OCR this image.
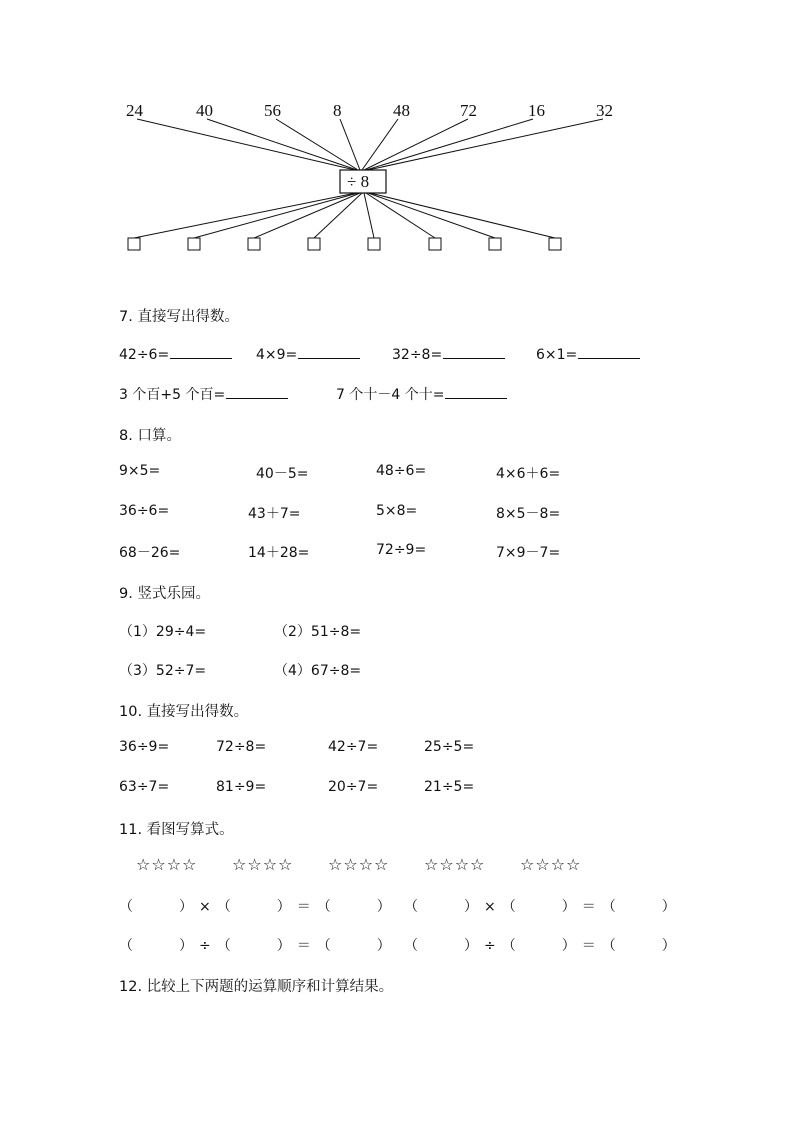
24	40	56	8	48	72	16	32
÷ 8
7. 直接写出得数。
42÷6=	4×9=	32÷8=	6×1=
3 个百+5 个百=	7 个十－4 个十=
8. 口算。
9×5=	40－5=	48÷6=	4×6＋6=
36÷6=	43＋7=	5×8=	8×5－8=
68－26=	14＋28=	72÷9=	7×9－7=
9. 竖式乐园。
（1）29÷4=	（2）51÷8=
（3）52÷7=	（4）67÷8=
10. 直接写出得数。
36÷9=	72÷8=	42÷7=	25÷5=
63÷7=	81÷9=	20÷7=	21÷5=
11. 看图写算式。
☆☆☆☆ ☆☆☆☆ ☆☆☆☆ ☆☆☆☆ ☆☆☆☆
（　　）×（　　）＝（　　） （　　）×（　　）＝（　　）
（　　）÷（　　）＝（　　） （　　）÷（　　）＝（　　）
12. 比较上下两题的运算顺序和计算结果。
